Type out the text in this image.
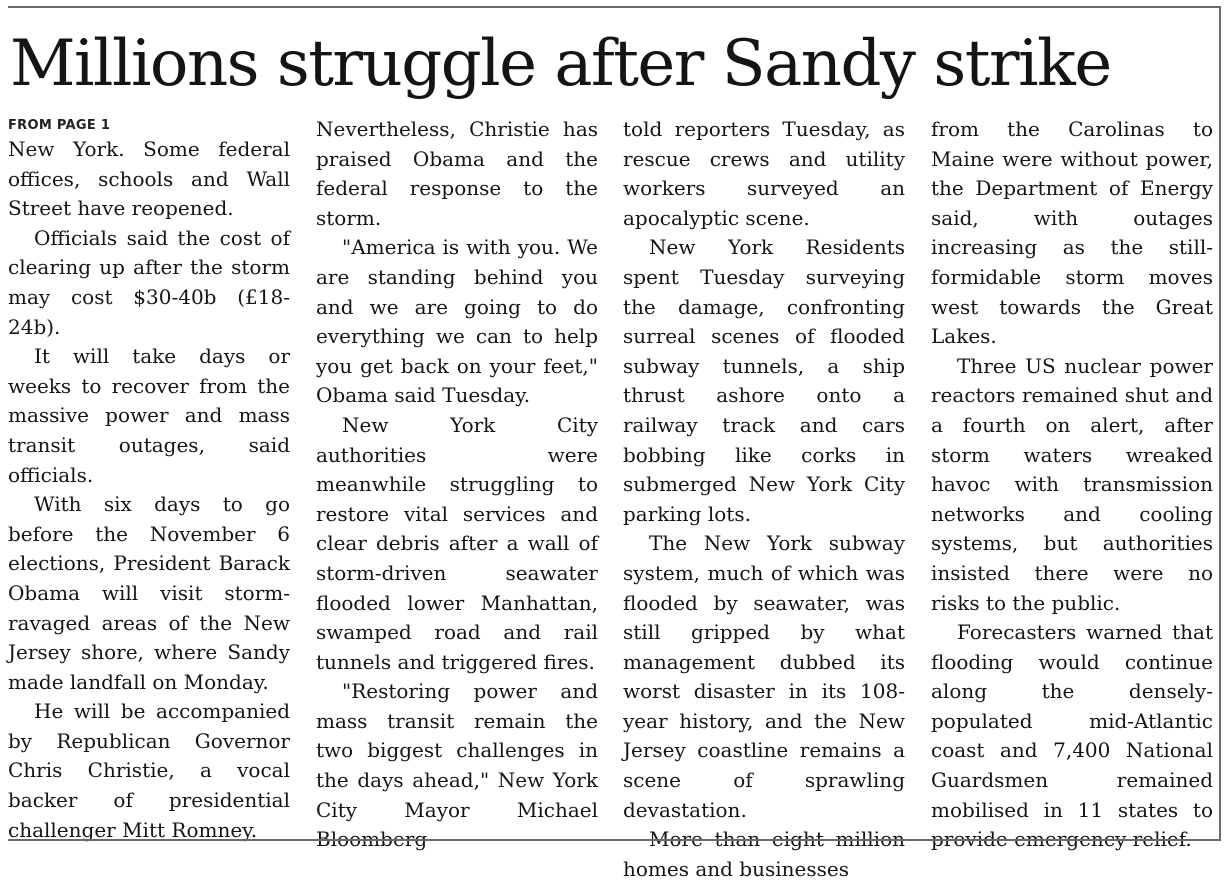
Millions struggle after Sandy strike
FROM PAGE 1

New York. Some federal offices, schools and Wall Street have reopened.

Officials said the cost of clearing up after the storm may cost $30-40b (£18-24b).

It will take days or weeks to recover from the massive power and mass transit outages, said officials.

With six days to go before the November 6 elections, President Barack Obama will visit storm-ravaged areas of the New Jersey shore, where Sandy made landfall on Monday.

He will be accompanied by Republican Governor Chris Christie, a vocal backer of presidential challenger Mitt Romney.

Nevertheless, Christie has praised Obama and the federal response to the storm.

"America is with you. We are standing behind you and we are going to do everything we can to help you get back on your feet," Obama said Tuesday.

New York City authorities were meanwhile struggling to restore vital services and clear debris after a wall of storm-driven seawater flooded lower Manhattan, swamped road and rail tunnels and triggered fires.

"Restoring power and mass transit remain the two biggest challenges in the days ahead," New York City Mayor Michael Bloomberg

told reporters Tuesday, as rescue crews and utility workers surveyed an apocalyptic scene.

New York Residents spent Tuesday surveying the damage, confronting surreal scenes of flooded subway tunnels, a ship thrust ashore onto a railway track and cars bobbing like corks in submerged New York City parking lots.

The New York subway system, much of which was flooded by seawater, was still gripped by what management dubbed its worst disaster in its 108-year history, and the New Jersey coastline remains a scene of sprawling devastation.

More than eight million homes and businesses

from the Carolinas to Maine were without power, the Department of Energy said, with outages increasing as the still-formidable storm moves west towards the Great Lakes.

Three US nuclear power reactors remained shut and a fourth on alert, after storm waters wreaked havoc with transmission networks and cooling systems, but authorities insisted there were no risks to the public.

Forecasters warned that flooding would continue along the densely-populated mid-Atlantic coast and 7,400 National Guardsmen remained mobilised in 11 states to provide emergency relief.
